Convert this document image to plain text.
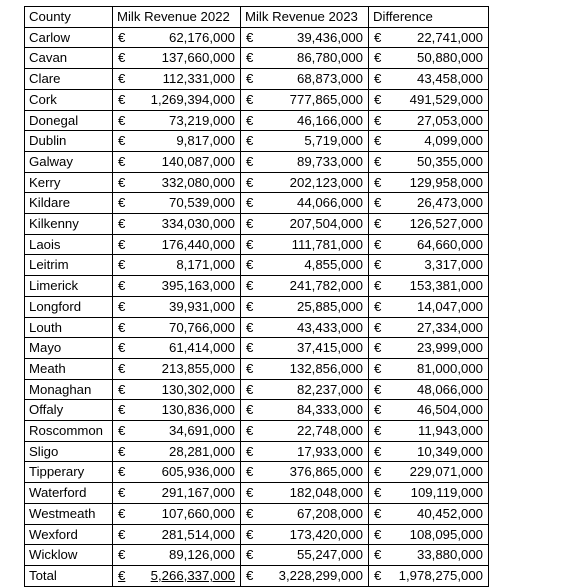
County	Milk Revenue 2022	Milk Revenue 2023	Difference
Carlow	€ 62,176,000	€ 39,436,000	€ 22,741,000

Cavan	€ 137,660,000	€ 86,780,000	€ 50,880,000

Clare	€ 112,331,000	€ 68,873,000	€ 43,458,000

Cork	€ 1,269,394,000	€ 777,865,000	€ 491,529,000

Donegal	€ 73,219,000	€ 46,166,000	€ 27,053,000

Dublin	€ 9,817,000	€ 5,719,000	€ 4,099,000

Galway	€ 140,087,000	€ 89,733,000	€ 50,355,000

Kerry	€ 332,080,000	€ 202,123,000	€ 129,958,000

Kildare	€ 70,539,000	€ 44,066,000	€ 26,473,000

Kilkenny	€ 334,030,000	€ 207,504,000	€ 126,527,000

Laois	€ 176,440,000	€ 111,781,000	€ 64,660,000

Leitrim	€ 8,171,000	€ 4,855,000	€ 3,317,000

Limerick	€ 395,163,000	€ 241,782,000	€ 153,381,000

Longford	€ 39,931,000	€ 25,885,000	€ 14,047,000

Louth	€ 70,766,000	€ 43,433,000	€ 27,334,000

Mayo	€ 61,414,000	€ 37,415,000	€ 23,999,000

Meath	€ 213,855,000	€ 132,856,000	€ 81,000,000

Monaghan	€ 130,302,000	€ 82,237,000	€ 48,066,000

Offaly	€ 130,836,000	€ 84,333,000	€ 46,504,000

Roscommon	€ 34,691,000	€ 22,748,000	€ 11,943,000

Sligo	€ 28,281,000	€ 17,933,000	€ 10,349,000

Tipperary	€ 605,936,000	€ 376,865,000	€ 229,071,000

Waterford	€ 291,167,000	€ 182,048,000	€ 109,119,000

Westmeath	€ 107,660,000	€ 67,208,000	€ 40,452,000

Wexford	€ 281,514,000	€ 173,420,000	€ 108,095,000

Wicklow	€ 89,126,000	€ 55,247,000	€ 33,880,000

Total	€ 5,266,337,000	€ 3,228,299,000	€ 1,978,275,000
